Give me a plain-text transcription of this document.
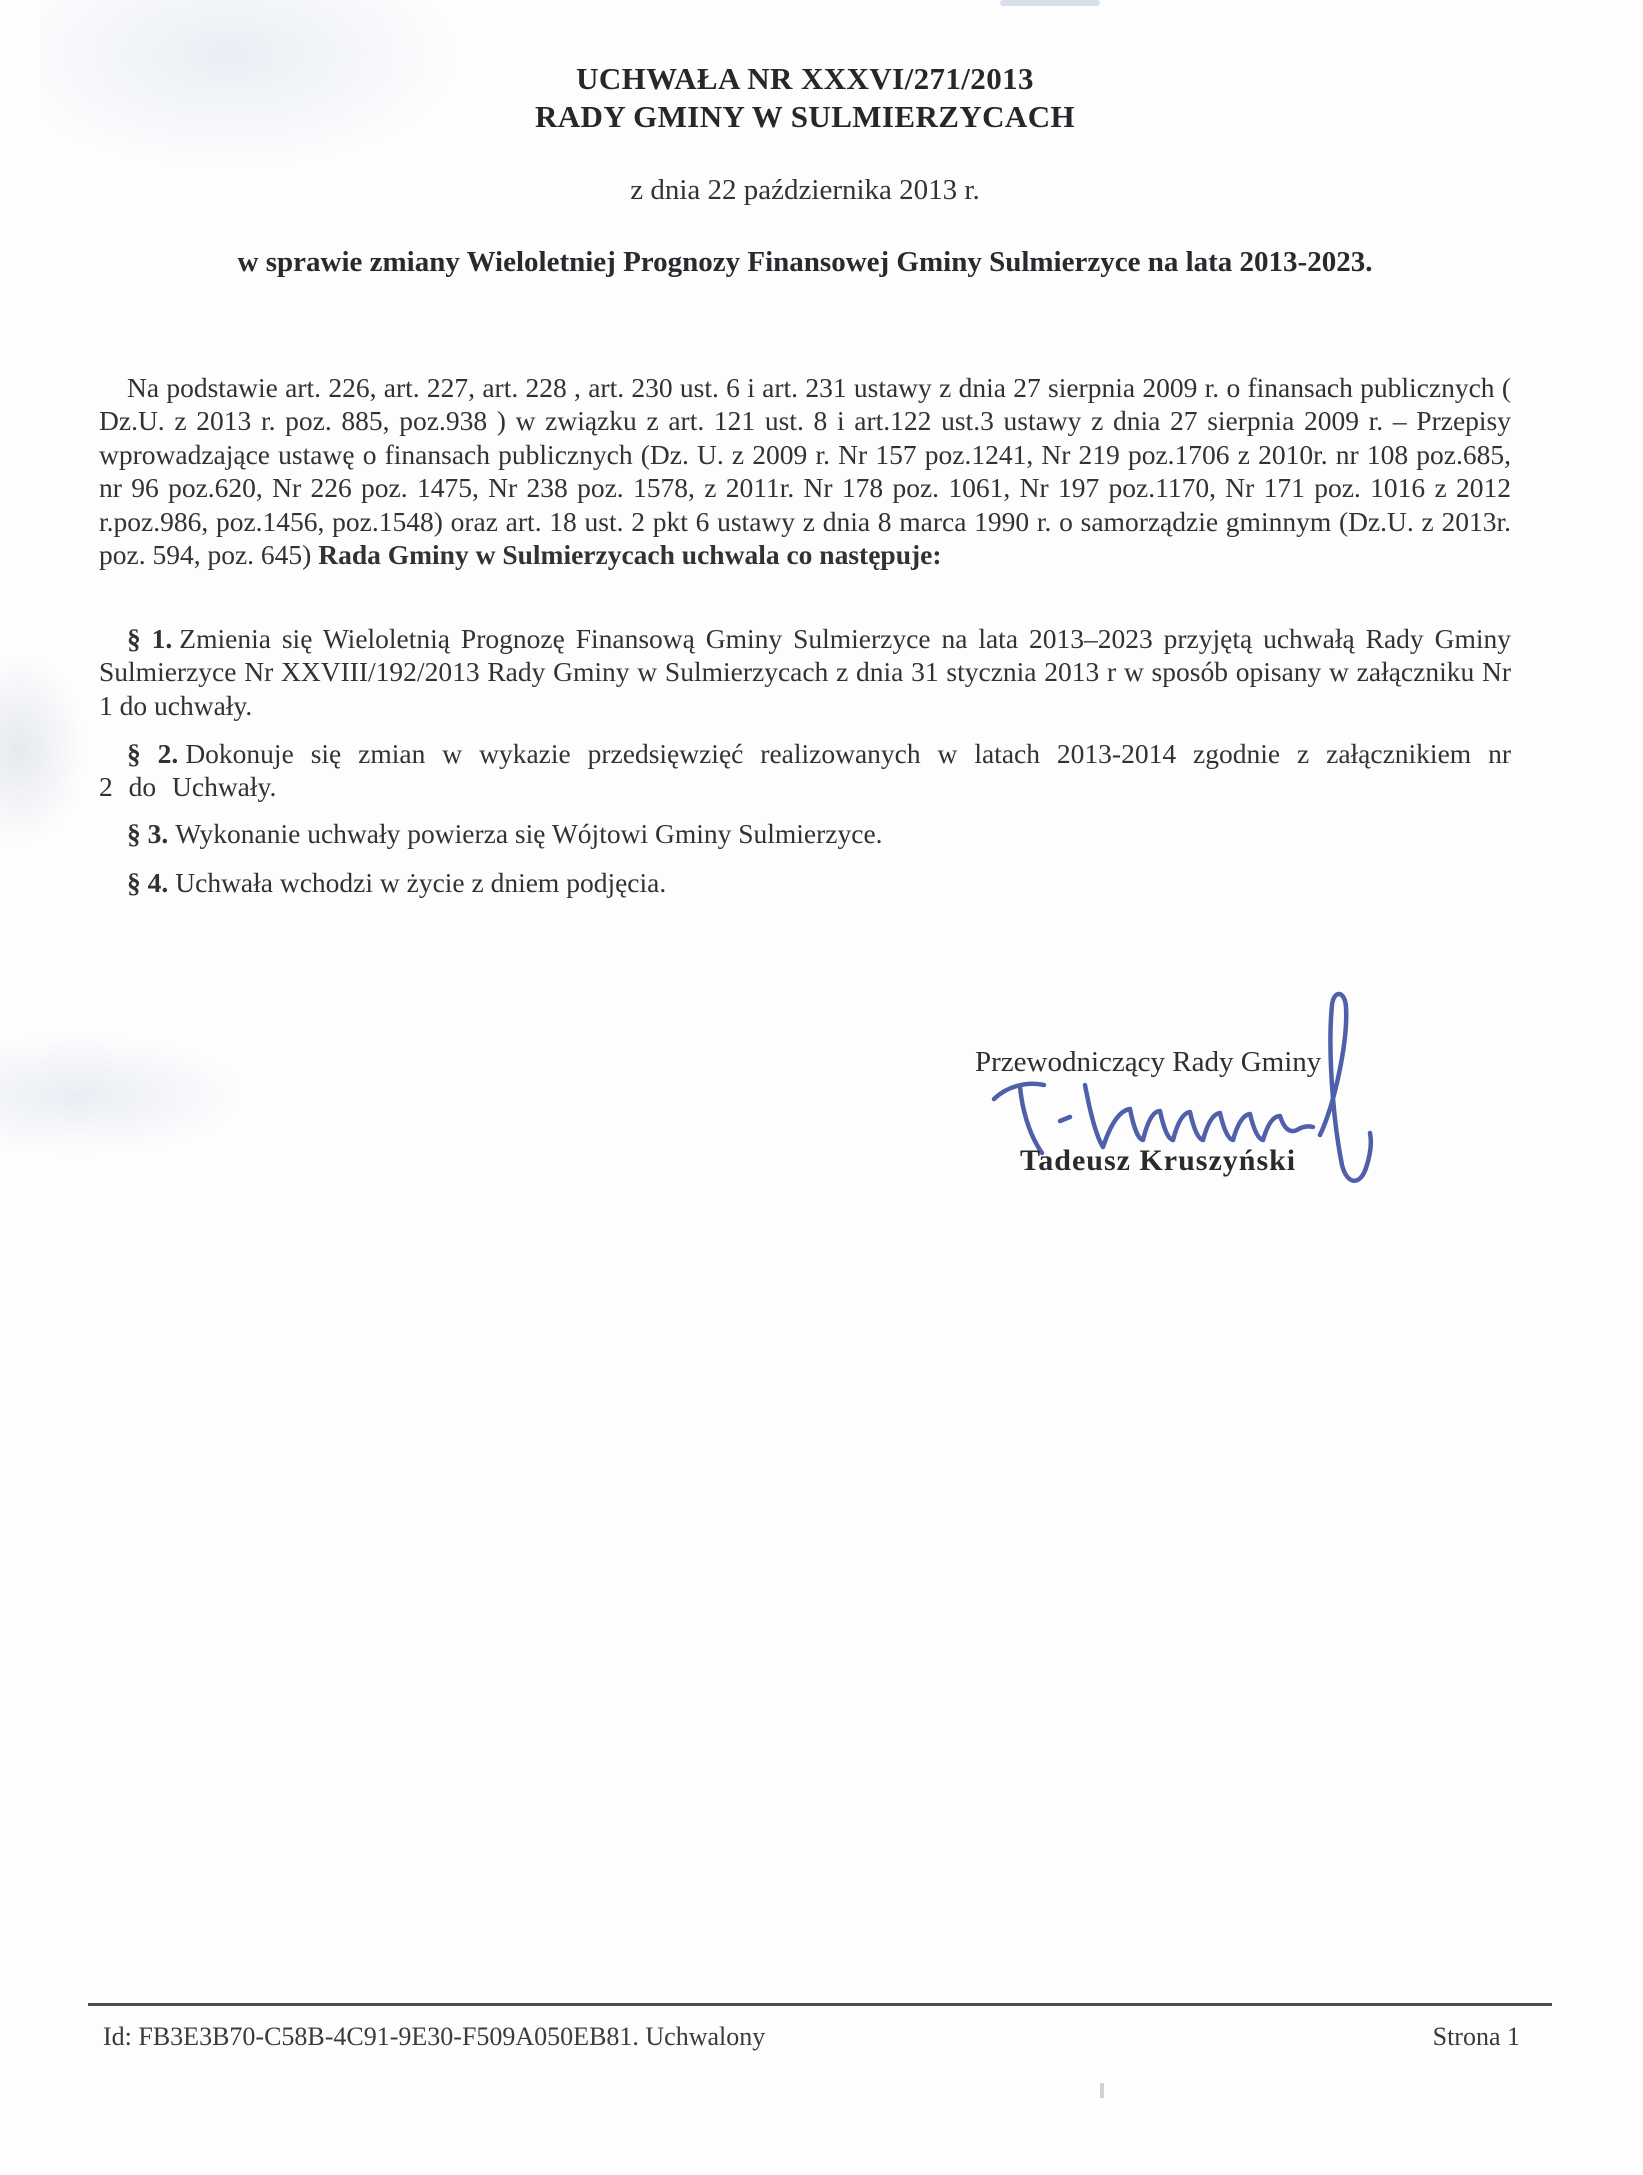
UCHWAŁA NR XXXVI/271/2013
RADY GMINY W SULMIERZYCACH
z dnia 22 października 2013 r.
w sprawie zmiany Wieloletniej Prognozy Finansowej Gminy Sulmierzyce na lata 2013-2023.

Na podstawie art. 226, art. 227, art. 228 , art. 230 ust. 6 i art. 231 ustawy z dnia 27 sierpnia 2009 r. o finansach publicznych ( Dz.U. z 2013 r. poz. 885, poz.938 ) w związku z art. 121 ust. 8 i art.122 ust.3 ustawy z dnia 27 sierpnia 2009 r. – Przepisy wprowadzające ustawę o finansach publicznych (Dz. U. z 2009 r. Nr 157 poz.1241, Nr 219 poz.1706 z 2010r. nr 108 poz.685, nr 96 poz.620, Nr 226 poz. 1475, Nr 238 poz. 1578, z 2011r. Nr 178 poz. 1061, Nr 197 poz.1170, Nr 171 poz. 1016 z 2012 r.poz.986, poz.1456, poz.1548) oraz art. 18 ust. 2 pkt 6 ustawy z dnia 8 marca 1990 r. o samorządzie gminnym (Dz.U. z 2013r. poz. 594, poz. 645) Rada Gminy w Sulmierzycach uchwala co następuje:

§ 1. Zmienia się Wieloletnią Prognozę Finansową Gminy Sulmierzyce na lata 2013–2023 przyjętą uchwałą Rady Gminy Sulmierzyce Nr XXVIII/192/2013 Rady Gminy w Sulmierzycach z dnia 31 stycznia 2013 r w sposób opisany w załączniku Nr 1 do uchwały.

§ 2. Dokonuje się zmian w wykazie przedsięwzięć realizowanych w latach 2013-2014 zgodnie z załącznikiem nr 2 do Uchwały.

§ 3. Wykonanie uchwały powierza się Wójtowi Gminy Sulmierzyce.

§ 4. Uchwała wchodzi w życie z dniem podjęcia.

Przewodniczący Rady Gminy
Tadeusz Kruszyński
Id: FB3E3B70-C58B-4C91-9E30-F509A050EB81. Uchwalony	Strona 1
